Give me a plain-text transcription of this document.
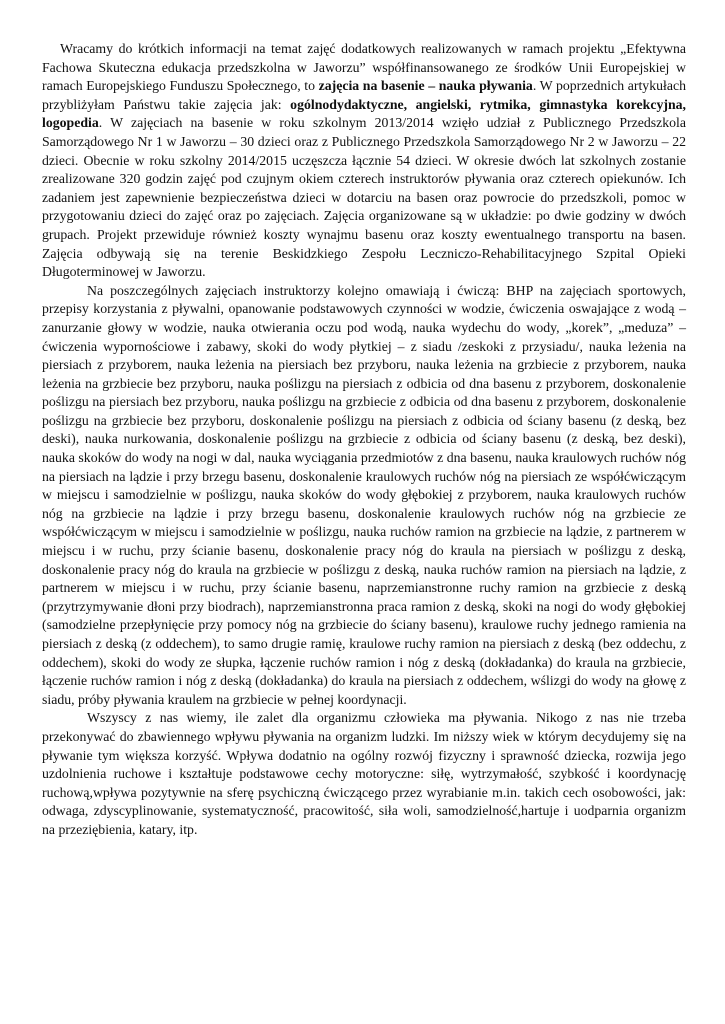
Wracamy do krótkich informacji na temat zajęć dodatkowych realizowanych w ramach projektu „Efektywna Fachowa Skuteczna edukacja przedszkolna w Jaworzu” współfinansowanego ze środków Unii Europejskiej w ramach Europejskiego Funduszu Społecznego, to zajęcia na basenie – nauka pływania. W poprzednich artykułach przybliżyłam Państwu takie zajęcia jak: ogólnodydaktyczne, angielski, rytmika, gimnastyka korekcyjna, logopedia. W zajęciach na basenie w roku szkolnym 2013/2014 wzięło udział z Publicznego Przedszkola Samorządowego Nr 1 w Jaworzu – 30 dzieci oraz z Publicznego Przedszkola Samorządowego Nr 2 w Jaworzu – 22 dzieci. Obecnie w roku szkolny 2014/2015 uczęszcza łącznie 54 dzieci. W okresie dwóch lat szkolnych zostanie zrealizowane 320 godzin zajęć pod czujnym okiem czterech instruktorów pływania oraz czterech opiekunów. Ich zadaniem jest zapewnienie bezpieczeństwa dzieci w dotarciu na basen oraz powrocie do przedszkoli, pomoc w przygotowaniu dzieci do zajęć oraz po zajęciach. Zajęcia organizowane są w układzie: po dwie godziny w dwóch grupach. Projekt przewiduje również koszty wynajmu basenu oraz koszty ewentualnego transportu na basen. Zajęcia odbywają się na terenie Beskidzkiego Zespołu Leczniczo-Rehabilitacyjnego Szpital Opieki Długoterminowej w Jaworzu.

Na poszczególnych zajęciach instruktorzy kolejno omawiają i ćwiczą: BHP na zajęciach sportowych, przepisy korzystania z pływalni, opanowanie podstawowych czynności w wodzie, ćwiczenia oswajające z wodą – zanurzanie głowy w wodzie, nauka otwierania oczu pod wodą, nauka wydechu do wody, „korek”, „meduza” – ćwiczenia wypornościowe i zabawy, skoki do wody płytkiej – z siadu /zeskoki z przysiadu/, nauka leżenia na piersiach z przyborem, nauka leżenia na piersiach bez przyboru, nauka leżenia na grzbiecie z przyborem, nauka leżenia na grzbiecie bez przyboru, nauka poślizgu na piersiach z odbicia od dna basenu z przyborem, doskonalenie poślizgu na piersiach bez przyboru, nauka poślizgu na grzbiecie z odbicia od dna basenu z przyborem, doskonalenie poślizgu na grzbiecie bez przyboru, doskonalenie poślizgu na piersiach z odbicia od ściany basenu (z deską, bez deski), nauka nurkowania, doskonalenie poślizgu na grzbiecie z odbicia od ściany basenu (z deską, bez deski), nauka skoków do wody na nogi w dal, nauka wyciągania przedmiotów z dna basenu, nauka kraulowych ruchów nóg na piersiach na lądzie i przy brzegu basenu, doskonalenie kraulowych ruchów nóg na piersiach ze współćwiczącym w miejscu i samodzielnie w poślizgu, nauka skoków do wody głębokiej z przyborem, nauka kraulowych ruchów nóg na grzbiecie na lądzie i przy brzegu basenu, doskonalenie kraulowych ruchów nóg na grzbiecie ze współćwiczącym w miejscu i samodzielnie w poślizgu, nauka ruchów ramion na grzbiecie na lądzie, z partnerem w miejscu i w ruchu, przy ścianie basenu, doskonalenie pracy nóg do kraula na piersiach w poślizgu z deską, doskonalenie pracy nóg do kraula na grzbiecie w poślizgu z deską, nauka ruchów ramion na piersiach na lądzie, z partnerem w miejscu i w ruchu, przy ścianie basenu, naprzemianstronne ruchy ramion na grzbiecie z deską (przytrzymywanie dłoni przy biodrach), naprzemianstronna praca ramion z deską, skoki na nogi do wody głębokiej (samodzielne przepłynięcie przy pomocy nóg na grzbiecie do ściany basenu), kraulowe ruchy jednego ramienia na piersiach z deską (z oddechem), to samo drugie ramię, kraulowe ruchy ramion na piersiach z deską (bez oddechu, z oddechem), skoki do wody ze słupka, łączenie ruchów ramion i nóg z deską (dokładanka) do kraula na grzbiecie, łączenie ruchów ramion i nóg z deską (dokładanka) do kraula na piersiach z oddechem, wślizgi do wody na głowę z siadu, próby pływania kraulem na grzbiecie w pełnej koordynacji.

Wszyscy z nas wiemy, ile zalet dla organizmu człowieka ma pływania. Nikogo z nas nie trzeba przekonywać do zbawiennego wpływu pływania na organizm ludzki. Im niższy wiek w którym decydujemy się na pływanie tym większa korzyść. Wpływa dodatnio na ogólny rozwój fizyczny i sprawność dziecka, rozwija jego uzdolnienia ruchowe i kształtuje podstawowe cechy motoryczne: siłę, wytrzymałość, szybkość i koordynację ruchową,wpływa pozytywnie na sferę psychiczną ćwiczącego przez wyrabianie m.in. takich cech osobowości, jak: odwaga, zdyscyplinowanie, systematyczność, pracowitość, siła woli, samodzielność,hartuje i uodparnia organizm na przeziębienia, katary, itp.
